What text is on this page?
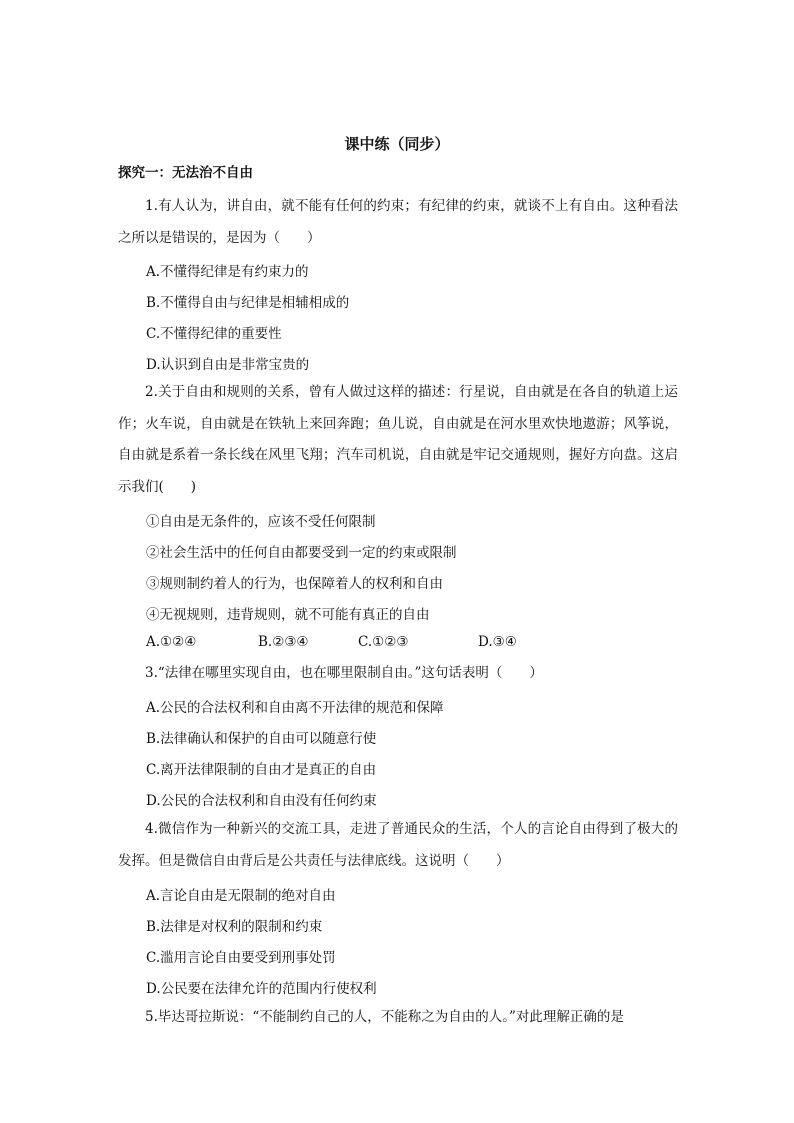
课中练（同步）
探究一：无法治不自由
1.有人认为，讲自由，就不能有任何的约束；有纪律的约束，就谈不上有自由。这种看法之所以是错误的，是因为（　　）
A.不懂得纪律是有约束力的
B.不懂得自由与纪律是相辅相成的
C.不懂得纪律的重要性
D.认识到自由是非常宝贵的
2.关于自由和规则的关系，曾有人做过这样的描述：行星说，自由就是在各自的轨道上运作；火车说，自由就是在铁轨上来回奔跑；鱼儿说，自由就是在河水里欢快地遨游；风筝说，自由就是系着一条长线在风里飞翔；汽车司机说，自由就是牢记交通规则，握好方向盘。这启示我们(　　)
①自由是无条件的，应该不受任何限制
②社会生活中的任何自由都要受到一定的约束或限制
③规则制约着人的行为，也保障着人的权利和自由
④无视规则，违背规则，就不可能有真正的自由
A.①②④	B.②③④	C.①②③	D.③④
3.“法律在哪里实现自由，也在哪里限制自由。”这句话表明（　　）
A.公民的合法权利和自由离不开法律的规范和保障
B.法律确认和保护的自由可以随意行使
C.离开法律限制的自由才是真正的自由
D.公民的合法权利和自由没有任何约束
4.微信作为一种新兴的交流工具，走进了普通民众的生活，个人的言论自由得到了极大的发挥。但是微信自由背后是公共责任与法律底线。这说明（　　）
A.言论自由是无限制的绝对自由
B.法律是对权利的限制和约束
C.滥用言论自由要受到刑事处罚
D.公民要在法律允许的范围内行使权利
5.毕达哥拉斯说：“不能制约自己的人，不能称之为自由的人。”对此理解正确的是
